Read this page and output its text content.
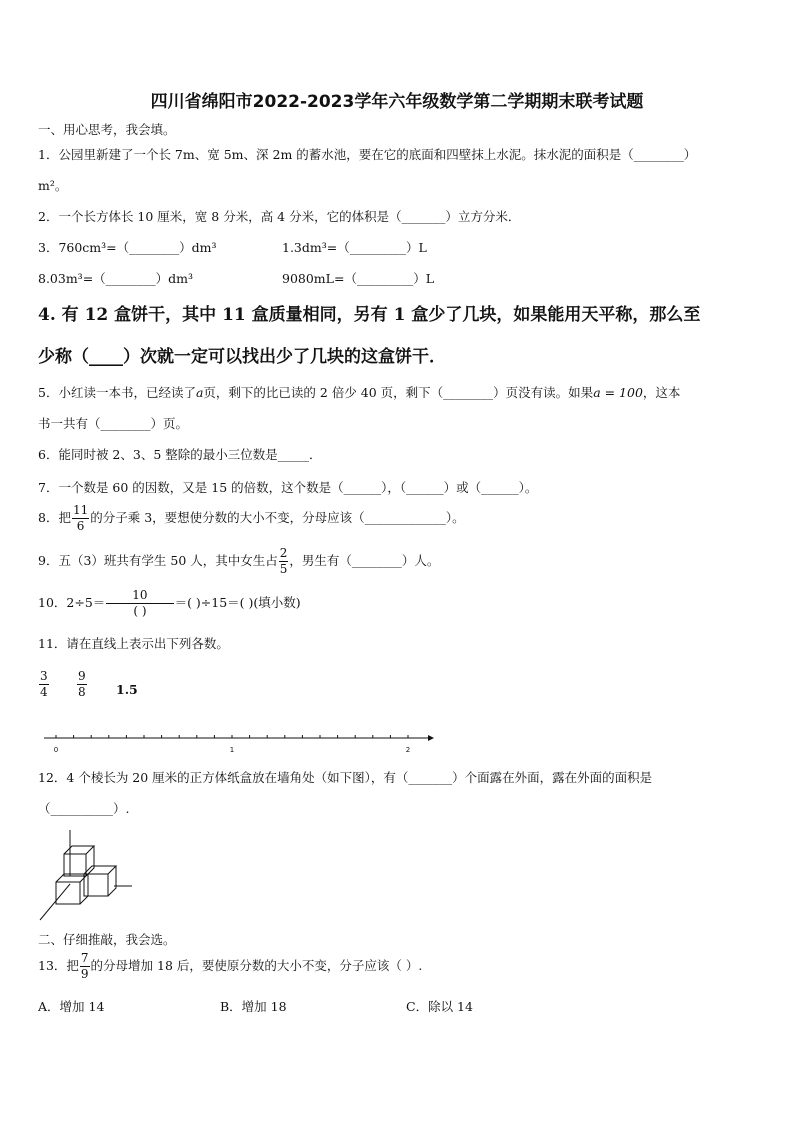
四川省绵阳市2022-2023学年六年级数学第二学期期末联考试题
一、用心思考，我会填。
1．公园里新建了一个长 7m、宽 5m、深 2m 的蓄水池，要在它的底面和四壁抹上水泥。抹水泥的面积是（________）
m²。
2．一个长方体长 10 厘米，宽 8 分米，高 4 分米，它的体积是（_______）立方分米．
3．760cm³=（________）dm³	1.3dm³=（_________）L
8.03m³=（________）dm³	9080mL=（_________）L
4. 有 12 盒饼干，其中 11 盒质量相同，另有 1 盒少了几块，如果能用天平称，那么至
少称（____）次就一定可以找出少了几块的这盒饼干．
5．小红读一本书，已经读了a页，剩下的比已读的 2 倍少 40 页，剩下（________）页没有读。如果a = 100，这本
书一共有（________）页。
6．能同时被 2、3、5 整除的最小三位数是_____．
7．一个数是 60 的因数，又是 15 的倍数，这个数是（______），（______）或（______）。
8．把 $\frac{11}{6}$ 的分子乘 3，要想使分数的大小不变，分母应该（_____________）。
9．五（3）班共有学生 50 人，其中女生占 $\frac{2}{5}$ ，男生有（________）人。
10．$2\div 5= \frac{10}{( )}$ ＝( )÷15＝( )(填小数)
11．请在直线上表示出下列各数。
$\frac{3}{4} \frac{9}{8} 1.5$
0	1	2
12．4 个棱长为 20 厘米的正方体纸盒放在墙角处（如下图），有（_______）个面露在外面，露在外面的面积是
（__________）.
二、仔细推敲，我会选。
13．把 $\frac{7}{9}$ 的分母增加 18 后，要使原分数的大小不变，分子应该（ ）.
A．增加 14	B．增加 18	C．除以 14
